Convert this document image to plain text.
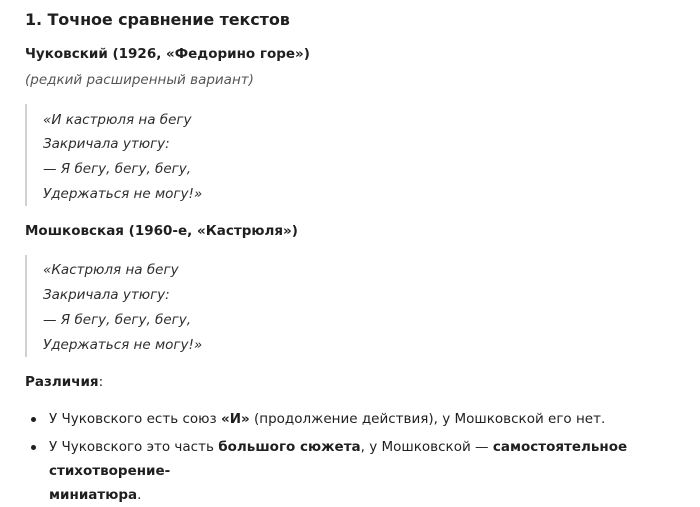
1. Точное сравнение текстов

Чуковский (1926, «Федорино горе»)

(редкий расширенный вариант)

«И кастрюля на бегу
Закричала утюгу:
— Я бегу, бегу, бегу,
Удержаться не могу!»

Мошковская (1960-е, «Кастрюля»)

«Кастрюля на бегу
Закричала утюгу:
— Я бегу, бегу, бегу,
Удержаться не могу!»

Различия:

У Чуковского есть союз «И» (продолжение действия), у Мошковской его нет.
У Чуковского это часть большого сюжета, у Мошковской — самостоятельное стихотворение-
миниатюра.
